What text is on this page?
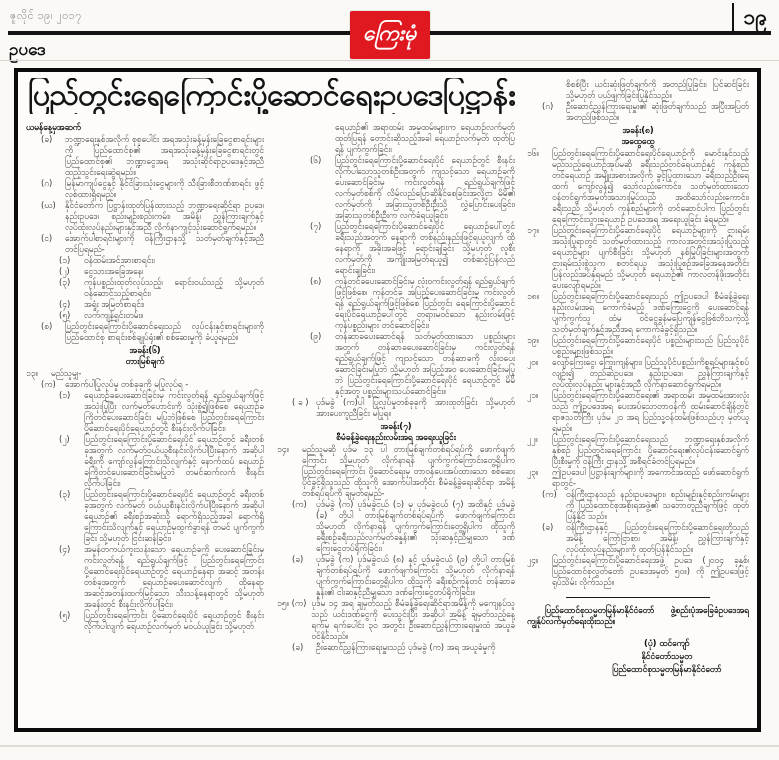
ဇူလိုင် ၁၉၊ ၂၀၁၇	၁၉
ကြေးမုံ
ဥပဒေ
ပြည်တွင်းရေကြောင်းပို့ဆောင်ရေးဥပဒေပြဋ္ဌာန်း
ယမန်နေ့မှအဆက်
(ခ)	ဘဏ္ဍာရေးနှစ်အလိုက် စုစုပေါင်း အရအသုံးခန့်မှန်းခြေငွေစာရင်းများကို ပြည်ထောင်စု၏ အရအသုံးခန့်မှန်းခြေငွေစာရင်းတွင် ပြည်ထောင်စု၏ ဘဏ္ဍာငွေအရ အသုံးဆိုင်ရာဥပဒေနှင့်အညီ ထည့်သွင်းရေးဆွဲရမည်။
(ဂ)	မြန်မာကျပ်ငွေနှင့် နိုင်ငံခြားသုံးငွေများကို သီးခြားစီဘဏ်စာရင်း ဖွင့်လှစ်ထားရှိရမည်။
(ဃ)	နိုင်ငံတော်က ပြဋ္ဌာန်းထုတ်ပြန်ထားသည့် ဘဏ္ဍာရေးဆိုင်ရာ ဥပဒေ၊ နည်းဥပဒေ၊ စည်းမျဉ်းစည်းကမ်း၊ အမိန့်၊ ညွှန်ကြားချက်နှင့် လုပ်ထုံးလုပ်နည်းများနှင့်အညီ လိုက်နာကျင့်သုံးဆောင်ရွက်ရမည်။
(င)	အောက်ပါစာရင်းများကို ဝန်ကြီးဌာနသို့ သတ်မှတ်ချက်နှင့်အညီ တင်ပြရမည်-
(၁)	ဝန်ထမ်းအင်အားစာရင်း၊
(၂)	ငွေသားအခြေအနေ၊
(၃)	ကုန်ပစ္စည်းထုတ်လုပ်သည့်၊ ရောင်းဝယ်သည့် သို့မဟုတ် ဝန်ဆောင်သည့်စာရင်း၊
(၄)	အရှုံး အမြတ်စာရင်း၊
(၅)	လက်ကျန်ရှင်းတမ်း။
(စ)	ပြည်တွင်းရေကြောင်းပို့ဆောင်ရေးသည် လုပ်ငန်းနှင့်စာရင်းများကို ပြည်ထောင်စု စာရင်းစစ်ချုပ်ရုံး၏ စစ်ဆေးမှုကို ခံယူရမည်။
အခန်း(၆)
တားမြစ်ချက်
၁၃။	မည်သူမျှ-
(က)	အောက်ပါပြုလုပ်မှု တစ်ခုခုကို မပြုလုပ်ရ -
(၁)	ရေယာဉ်ခပေးဆောင်ခြင်းမှ ကင်းလွတ်ရန် ရည်ရွယ်ချက်ဖြင့် အသုံးပြုပြီး လက်မှတ်ဟောင်းကို သုံးစွဲ၍ဖြစ်စေ ရေယာဉ်ခ ကြိုတင်ပေးဆောင်ခြင်း မပြုဘဲဖြစ်စေ ပြည်တွင်းရေကြောင်း ပို့ဆောင်ရေးပိုင်ရေယာဉ်တွင် စီးနင်းလိုက်ပါခြင်း၊
(၂)	ပြည်တွင်းရေကြောင်းပို့ဆောင်ရေးပိုင် ရေယာဉ်တွင် ခရီးတစ်ခုအတွက် လက်မှတ်ဝယ်ယူစီးနင်းလိုက်ပါပြီးနောက် အဆိုပါခရီးကို ကျော်လွန်ကြောင်းသိလျက်နှင့် နောက်ထပ် ရေယာဉ်ခကြိုတင်ပေးဆောင်ခြင်းမပြုဘဲ တမင်ဆက်လက် စီးနင်းလိုက်ပါခြင်း၊
(၃)	ပြည်တွင်းရေကြောင်းပို့ဆောင်ရေးပိုင် ရေယာဉ်တွင် ခရီးတစ်ခုအတွက် လက်မှတ် ဝယ်ယူစီးနင်းလိုက်ပါပြီးနောက် အဆိုပါရေယာဉ်၏ ခရီးစဉ်အဆုံးသို့ ရောက်ရှိသည့်အခါ ရောက်ရှိကြောင်းသိလျက်နှင့် ရေယာဉ်မှထွက်ခွာရန် တမင် ပျက်ကွက်ခြင်း သို့မဟုတ် ငြင်းဆန်ခြင်း၊
(၄)	အမှန်တကယ်ကူးသန်းသော ရေယာဉ်ခကို ပေးဆောင်ခြင်းမှ ကင်းလွတ်ရန် ရည်ရွယ်ချက်ဖြင့် ပြည်တွင်းရေကြောင်း ပို့ဆောင်ရေးပိုင်ရေယာဉ်တွင် ရေယာဉ်နေရာ အဆင့် အတန်းတစ်ခုအတွက် ရေယာဉ်ခပေးဆောင်လျက် ထိုနေရာအဆင့်အတန်းထက်မြင့်သော သီးသန့်နေရာတွင် သို့မဟုတ် အခန်းတွင် စီးနင်းလိုက်ပါခြင်း၊
(၅)	ပြည်တွင်းရေကြောင်း ပို့ဆောင်ရေးပိုင် ရေယာဉ်တွင် စီးနင်းလိုက်ပါလျက် ရေယာဉ်လက်မှတ် မဝယ်ယူခြင်း သို့မဟုတ်
ရေယာဉ်၏ အရာထမ်း အမှုထမ်းများက ရေယာဉ်လက်မှတ် ထုတ်ပြရန် တောင်းဆိုသည့်အခါ ရေယာဉ်လက်မှတ် ထုတ်ပြရန် ပျက်ကွက်ခြင်း၊
(၆)	ပြည်တွင်းရေကြောင်းပို့ဆောင်ရေးပိုင် ရေယာဉ်တွင် စီးနင်းလိုက်ပါသောသူတစ်ဦးအတွက် ကျသင့်သော ရေယာဉ်ခကို ပေးဆောင်ခြင်းမှ ကင်းလွတ်ရန် ရည်ရွယ်ချက်ဖြင့် လက်မှတ်စစ်ကို လိမ်လည်ပြောဆိုနိုင်စေခြင်းအလို့ငှာ မိမိ၏ လက်မှတ်ကို အခြားသူတစ်ဦးဦးသို့ လွှဲပြောင်းပေးခြင်း၊ အခြားသူတစ်ဦးဦးက လက်ခံရယူခြင်း၊
(၇)	ပြည်တွင်းရေကြောင်းပို့ဆောင်ရေးပိုင် ရေယာဉ်ပေါ်တွင် ခရီးသည်အတွက် နေရာကို တစ်နည်းနည်းဖြင့်ရယူလျက် ထိုနေရာကို အခိုးအခဖြင့် ရောင်းချခြင်း သို့မဟုတ် လူစီးလက်မှတ်ကို အကျိုးအမြတ်ရယူ၍ တစ်ဆင့်ပြန်လည် ရောင်းချခြင်း၊
(၈)	ကုန်တင်ခပေးဆောင်ခြင်းမှ လုံးဝကင်းလွတ်ရန် ရည်ရွယ်ချက်ဖြင့်ဖြစ်စေ၊ ကုန်တင်ခ အပြည့်ပေးဆောင်ခြင်းမှ ကင်းလွတ်ရန် ရည်ရွယ်ချက်ဖြင့်ဖြစ်စေ ပြည်တွင်း ရေကြောင်းပို့ဆောင်ရေးပိုင်ရေယာဉ်ပေါ်တွင် တရားမဝင်သော နည်းလမ်းဖြင့် ကုန်ပစ္စည်းများ တင်ဆောင်ခြင်း၊
(၉)	တန်ဆာခပေးဆောင်ရန် သတ်မှတ်ထားသော ပစ္စည်းများအတွက် တန်ဆာခပေးဆောင်ခြင်းမှ ကင်းလွတ်ရန် ရည်ရွယ်ချက်ဖြင့် ကျသင့်သော တန်ဆာခကို လုံးဝပေးဆောင်ခြင်းမပြုဘဲ သို့မဟုတ် အပြည့်အဝ ပေးဆောင်ခြင်းမပြုဘဲ ပြည်တွင်းရေကြောင်းပို့ဆောင်ရေးပိုင် ရေယာဉ်တွင် မိမိနှင့်အတူ ပစ္စည်းများသယ်ဆောင်ခြင်း။
( ခ ) ပုဒ်မခွဲ (က)ပါ ပြုလုပ်မှုတစ်ခုခုကို အားထုတ်ခြင်း သို့မဟုတ် အားပေးကူညီခြင်း မပြုရ။
အခန်း(၇)
စီမံခန့်ခွဲရေးနည်းလမ်းအရ အရေးယူခြင်း
၁၄။	မည်သူမဆို ပုဒ်မ ၁၃ ပါ တားမြစ်ချက်တစ်ရပ်ရပ်ကို ဖောက်ဖျက်ကြောင်း သို့မဟုတ် လိုက်နာရန် ပျက်ကွက်ကြောင်းတွေ့ရှိပါက ပြည်တွင်းရေကြောင်း ပို့ဆောင်ရေးမှ တာဝန်ပေးအပ်ထားသော စစ်ဆေးပိုင်ခွင့်ရှိသူသည် ထိုသူကို အောက်ပါအတိုင်း စီမံခန့်ခွဲရေးဆိုင်ရာ အမိန့်တစ်ရပ်ရပ်ကို ချမှတ်ရမည်-
(က)	ပုဒ်မခွဲ (က) ပုဒ်မခွဲငယ် (၁) မှ ပုဒ်မခွဲငယ် (၇) အထိနှင့် ပုဒ်မခွဲ (ခ) တို့ပါ တားမြစ်ချက်တစ်ရပ်ရပ်ကို ဖောက်ဖျက်ကြောင်း သို့မဟုတ် လိုက်နာရန် ပျက်ကွက်ကြောင်းတွေ့ရှိပါက ထိုသူကို ခရီးစဉ်ခရီးသည်လက်မှတ်ခနှုန်း၏ သုံးဆနှင့်ညီမျှသော ဒဏ်ကြေးငွေတပ်ရိုက်ခြင်း၊
(ခ)	ပုဒ်မခွဲ (က) ပုဒ်မခွဲငယ် (၈) နှင့် ပုဒ်မခွဲငယ် (၉) တို့ပါ တားမြစ်ချက်တစ်ရပ်ရပ်ကို ဖောက်ဖျက်ကြောင်း သို့မဟုတ် လိုက်နာရန် ပျက်ကွက်ကြောင်းတွေ့ရှိပါက ထိုသူကို ခရီးစဉ်ကုန်တင် တန်ဆာခနှုန်း၏ ငါးဆနှင့်ညီမျှသော ဒဏ်ကြေးငွေတပ်ရိုက်ခြင်း။
၁၅။ (က) ပုဒ်မ ၁၄ အရ ချမှတ်သည့် စီမံခန့်ခွဲရေးဆိုင်ရာအမိန့်ကို မကျေနပ်သူသည် ယင်းဒဏ်ငွေကို ပေးသွင်းပြီး အဆိုပါ အမိန့် ချမှတ်သည့်နေ့ရက်မှ ရက်ပေါင်း ၃၀ အတွင်း ဦးဆောင်ညွှန်ကြားရေးမှူးထံ အယူခံဝင်နိုင်သည်။
(ခ)	ဦးဆောင်ညွှန်ကြားရေးမှူးသည် ပုဒ်မခွဲ (က) အရ အယူခံမှုကို
စိစစ်ပြီး ယင်းဆုံးဖြတ်ချက်ကို အတည်ပြုခြင်း၊ ပြင်ဆင်ခြင်း သို့မဟုတ် ပယ်ဖျက်ခြင်းပြုနိုင်သည်။
(ဂ)	ဦးဆောင်ညွှန်ကြားရေးမှူး၏ ဆုံးဖြတ်ချက်သည် အပြီးအပြတ် အတည်ဖြစ်သည်။
အခန်း(၈)
အထွေထွေ
၁၆။	ပြည်တွင်းရေကြောင်းပို့ဆောင်ရေးပိုင်ရေယာဉ်ကို မောင်းနှင်သည့် မည်သည့်ရေယာဉ်အုပ်မဆို ခရီးသည်တင်ရေယာဉ်နှင့် ကုန်စည်တင်ရေယာဉ် အမျိုးအစားအလိုက် ခွင့်ပြုထားသော ခရီးသည်ဦးရေထက် ကျော်လွန်၍ သော်လည်းကောင်း၊ သတ်မှတ်ထားသော ဝန်တင်ရွက်အမှတ်အသားမြုပ်သည့် အထိသော်လည်းကောင်း၊ ခရီးသည် သို့မဟုတ် ကုန်စည်များကို တင်ဆောင်ပါက ပြည်တွင်းရေကြောင်းသွားရေယာဉ် ဥပဒေအရ အရေးယူခြင်း ခံရမည်။
၁၇။	ပြည်တွင်းရေကြောင်းပို့ဆောင်ရေးပိုင် ရေယာဉ်များကို ငှားရမ်းအသုံးပြုရာတွင် သတ်မှတ်ထားသည့် ကာလအတွင်းအသုံးပြုသည့် ရေယာဉ်များ ပျက်စီးခြင်း သို့မဟုတ် နစ်မြုပ်ခြင်းများအတွက် ငှားရမ်းသုံးစွဲသူက စတင်ရယူ အသုံးပြုစဉ်အခြေအနေအတိုင်း ပြန်လည်အပ်နှံရမည် သို့မဟုတ် ရေယာဉ်၏ ကာလတန်ဖိုးအတိုင်း ပေးလျော်ရမည်။
၁၈။	ပြည်တွင်းရေကြောင်းပို့ဆောင်ရေးသည် ဤဥပဒေပါ စီမံခန့်ခွဲရေး နည်းလမ်းအရ ကောက်ခံမည့် ဒဏ်ကြေးငွေကို ပေးဆောင်ရန် ပျက်ကွက်သူ ထံမှ ဝင်ငွေခွန်မပြေကျန်ငွေဖြစ်ဘိသကဲ့သို့ သတ်မှတ်ချက်နှင့်အညီအရ ကောက်ခံခွင့်ရှိသည်။
၁၉။	ပြည်တွင်းရေကြောင်းပို့ဆောင်ရေးပိုင် ပစ္စည်းများသည် ပြည်သူပိုင် ပစ္စည်းများဖြစ်သည်။
၂၀။	လျော်ကြေးငွေ၊ ကြွေးကျန်များ၊ ပြည်သူပိုင်ပစ္စည်းကိစ္စရပ်များနှင့်စပ် လျဉ်း၍ တည်ဆဲဥပဒေ၊ နည်းဥပဒေ၊ ညွှန်ကြားချက်နှင့်လုပ်ထုံးလုပ်နည်း များနှင့်အညီ လိုက်နာဆောင်ရွက်ရမည်။
၂၁။	ပြည်တွင်းရေကြောင်းပို့ဆောင်ရေး၏ အရာထမ်း အမှုထမ်းအားလုံးသည် ဤဥပဒေအရ ပေးအပ်သောတာဝန်ကို ထမ်းဆောင်ချိန်တွင် ရာဇသတ်ကြီး ပုဒ်မ ၂၁ အရ ပြည်သူ့ဝန်ထမ်းဖြစ်သည်ဟု မှတ်ယူရမည်။
၂၂။	ပြည်တွင်းရေကြောင်းပို့ဆောင်ရေးသည် ဘဏ္ဍာရေးနှစ်အလိုက် နှစ်စဉ် ပြည်တွင်းရေကြောင်း ပို့ဆောင်ရေး၏လုပ်ငန်းဆောင်ရွက်ပြီးစီးမှုကို ဝန်ကြီး ဌာနသို့ အစီရင်ခံတင်ပြရမည်။
၂၃။	ဤဥပဒေပါ ပြဋ္ဌာန်းချက်များကို အကောင်အထည် ဖော်ဆောင်ရွက် ရာတွင်-
(က)	ဝန်ကြီးဌာနသည် နည်းဥပဒေများ၊ စည်းမျဉ်းနှင့်စည်းကမ်းများကို ပြည်ထောင်စုအစိုးရအဖွဲ့၏ သဘောတူညီချက်ဖြင့် ထုတ်ပြန်နိုင် သည်။
(ခ)	ဝန်ကြီးဌာနနှင့် ပြည်တွင်းရေကြောင်းပို့ဆောင်ရေးတို့သည် အမိန့် ကြော်ငြာစာ၊ အမိန့်၊ ညွှန်ကြားချက်နှင့် လုပ်ထုံးလုပ်နည်းများကို ထုတ်ပြန်နိုင်သည်။
၂၄။	ပြည်တွင်းရေကြောင်းပို့ဆောင်ရေးအဖွဲ့ ဥပဒေ (၂၀၀၄ ခုနှစ်၊ ပြည်ထောင်စုလွှတ်တော် ဥပဒေအမှတ် ၅၀။) ကို ဤဥပဒေဖြင့် ရုပ်သိမ်း လိုက်သည်။
ပြည်ထောင်စုသမ္မတမြန်မာနိုင်ငံတော် ဖွဲ့စည်းပုံအခြေခံဥပဒေအရ ကျွန်ုပ်လက်မှတ်ရေးထိုးသည်။
(ပုံ) ထင်ကျော်
နိုင်ငံတော်သမ္မတ
ပြည်ထောင်စုသမ္မတမြန်မာနိုင်ငံတော်
